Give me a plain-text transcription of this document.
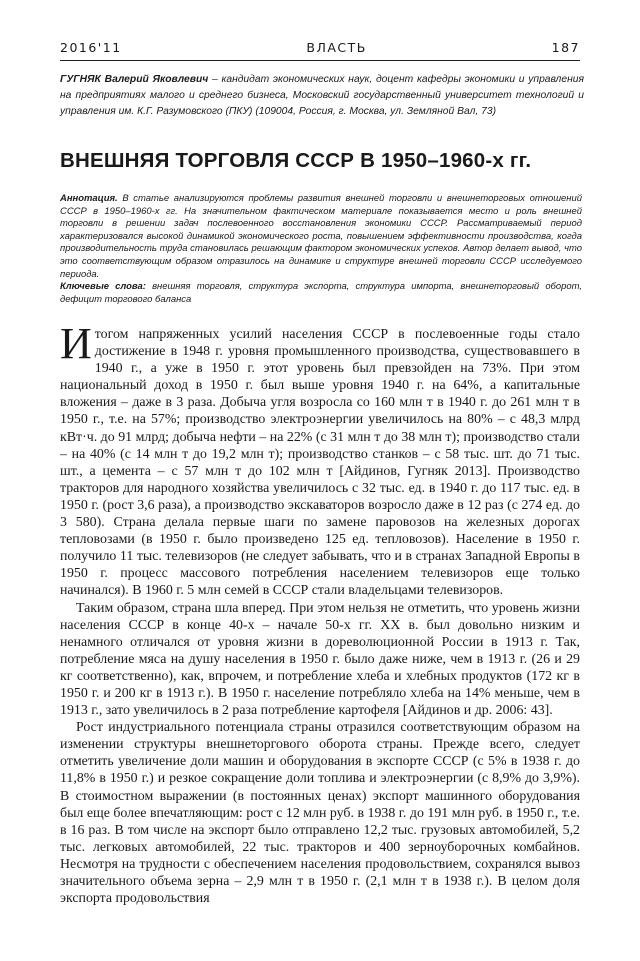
2016'11	ВЛАСТЬ	187
ГУГНЯК Валерий Яковлевич – кандидат экономических наук, доцент кафедры экономики и управления на предприятиях малого и среднего бизнеса, Московский государственный университет технологий и управления им. К.Г. Разумовского (ПКУ) (109004, Россия, г. Москва, ул. Земляной Вал, 73)
ВНЕШНЯЯ ТОРГОВЛЯ СССР В 1950–1960-х гг.

Аннотация. В статье анализируются проблемы развития внешней торговли и внешнеторговых отношений СССР в 1950–1960-х гг. На значительном фактическом материале показывается место и роль внешней торговли в решении задач послевоенного восстановления экономики СССР. Рассматриваемый период характеризовался высокой динамикой экономического роста, повышением эффективности производства, когда производительность труда становилась решающим фактором экономических успехов. Автор делает вывод, что это соответствующим образом отразилось на динамике и структуре внешней торговли СССР исследуемого периода.

Ключевые слова: внешняя торговля, структура экспорта, структура импорта, внешнеторговый оборот, дефицит торгового баланса

Итогом напряженных усилий населения СССР в послевоенные годы стало достижение в 1948 г. уровня промышленного производства, существовавшего в 1940 г., а уже в 1950 г. этот уровень был превзойден на 73%. При этом национальный доход в 1950 г. был выше уровня 1940 г. на 64%, а капитальные вложения – даже в 3 раза. Добыча угля возросла со 160 млн т в 1940 г. до 261 млн т в 1950 г., т.е. на 57%; производство электроэнергии увеличилось на 80% – с 48,3 млрд кВт·ч. до 91 млрд; добыча нефти – на 22% (с 31 млн т до 38 млн т); производство стали – на 40% (с 14 млн т до 19,2 млн т); производство станков – с 58 тыс. шт. до 71 тыс. шт., а цемента – с 57 млн т до 102 млн т [Айдинов, Гугняк 2013]. Производство тракторов для народного хозяйства увеличилось с 32 тыс. ед. в 1940 г. до 117 тыс. ед. в 1950 г. (рост 3,6 раза), а производство экскаваторов возросло даже в 12 раз (с 274 ед. до 3 580). Страна делала первые шаги по замене паровозов на железных дорогах тепловозами (в 1950 г. было произведено 125 ед. тепловозов). Население в 1950 г. получило 11 тыс. телевизоров (не следует забывать, что и в странах Западной Европы в 1950 г. процесс массового потребления населением телевизоров еще только начинался). В 1960 г. 5 млн семей в СССР стали владельцами телевизоров.

Таким образом, страна шла вперед. При этом нельзя не отметить, что уровень жизни населения СССР в конце 40-х – начале 50-х гг. XX в. был довольно низким и ненамного отличался от уровня жизни в дореволюционной России в 1913 г. Так, потребление мяса на душу населения в 1950 г. было даже ниже, чем в 1913 г. (26 и 29 кг соответственно), как, впрочем, и потребление хлеба и хлебных продуктов (172 кг в 1950 г. и 200 кг в 1913 г.). В 1950 г. население потребляло хлеба на 14% меньше, чем в 1913 г., зато увеличилось в 2 раза потребление картофеля [Айдинов и др. 2006: 43].

Рост индустриального потенциала страны отразился соответствующим образом на изменении структуры внешнеторгового оборота страны. Прежде всего, следует отметить увеличение доли машин и оборудования в экспорте СССР (с 5% в 1938 г. до 11,8% в 1950 г.) и резкое сокращение доли топлива и электроэнергии (с 8,9% до 3,9%). В стоимостном выражении (в постоянных ценах) экспорт машинного оборудования был еще более впечатляющим: рост с 12 млн руб. в 1938 г. до 191 млн руб. в 1950 г., т.е. в 16 раз. В том числе на экспорт было отправлено 12,2 тыс. грузовых автомобилей, 5,2 тыс. легковых автомобилей, 22 тыс. тракторов и 400 зерноуборочных комбайнов. Несмотря на трудности с обеспечением населения продовольствием, сохранялся вывоз значительного объема зерна – 2,9 млн т в 1950 г. (2,1 млн т в 1938 г.). В целом доля экспорта продовольствия
